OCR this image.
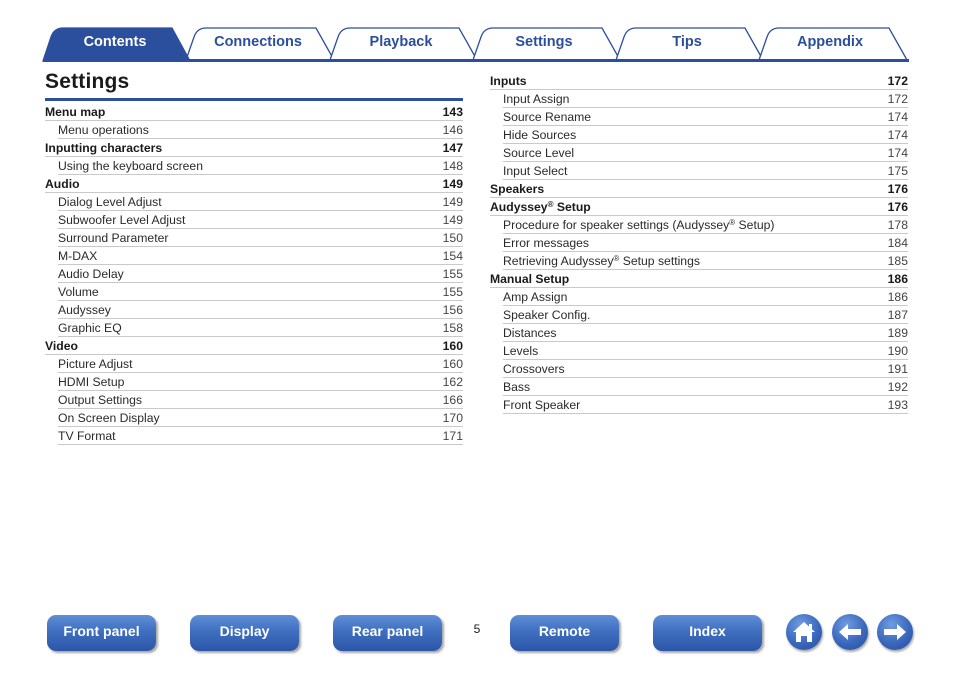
Contents	Connections	Playback	Settings	Tips	Appendix
Settings
Menu map	143
Menu operations	146
Inputting characters	147
Using the keyboard screen	148
Audio	149
Dialog Level Adjust	149
Subwoofer Level Adjust	149
Surround Parameter	150
M-DAX	154
Audio Delay	155
Volume	155
Audyssey	156
Graphic EQ	158
Video	160
Picture Adjust	160
HDMI Setup	162
Output Settings	166
On Screen Display	170
TV Format	171
Inputs	172
Input Assign	172
Source Rename	174
Hide Sources	174
Source Level	174
Input Select	175
Speakers	176
Audyssey® Setup	176
Procedure for speaker settings (Audyssey® Setup)	178
Error messages	184
Retrieving Audyssey® Setup settings	185
Manual Setup	186
Amp Assign	186
Speaker Config.	187
Distances	189
Levels	190
Crossovers	191
Bass	192
Front Speaker	193
Front panel	Display	Rear panel	5	Remote	Index
